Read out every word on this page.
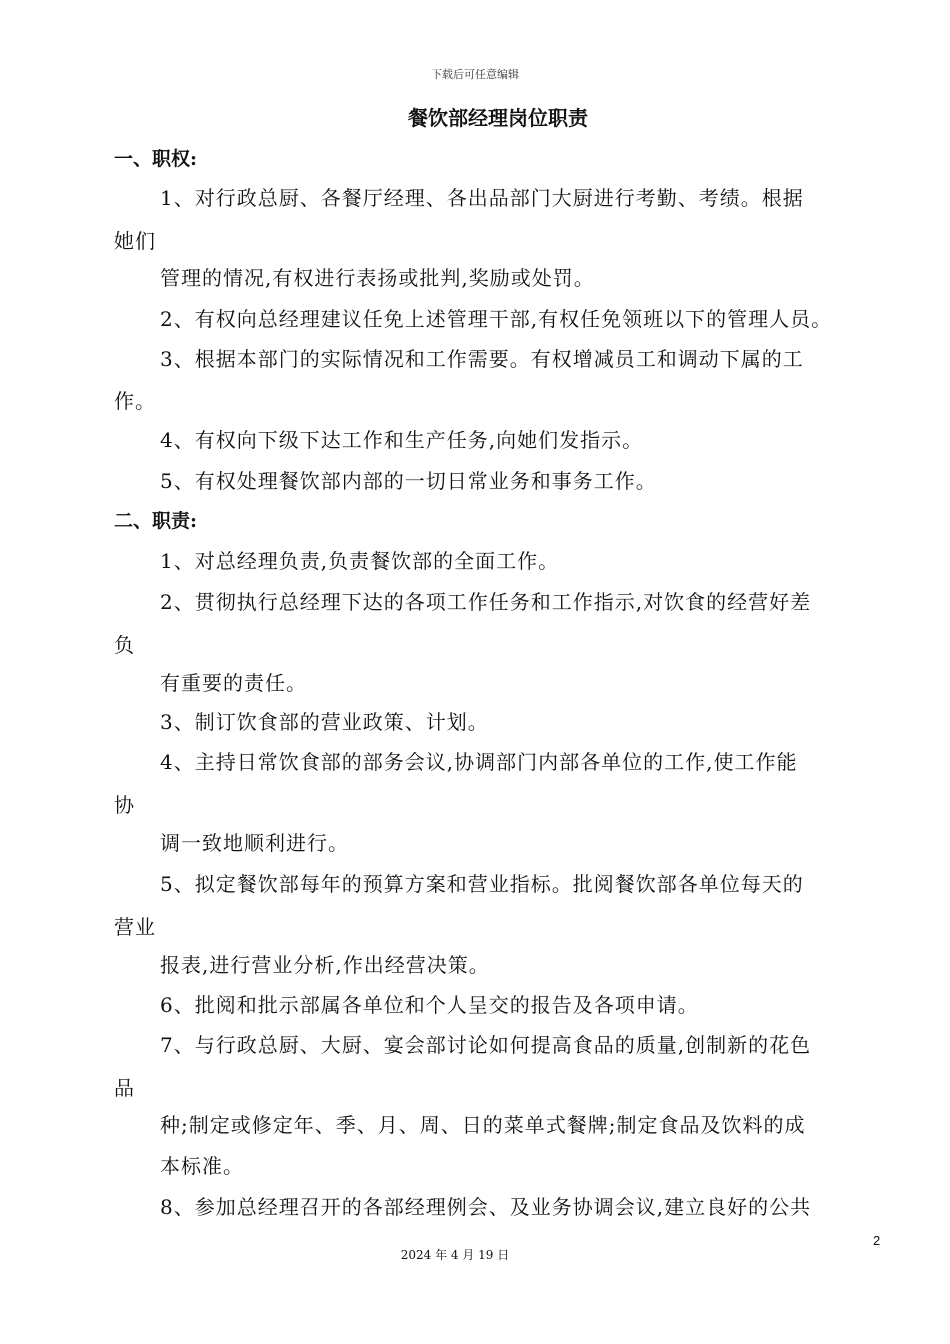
下载后可任意编辑
餐饮部经理岗位职责
一、职权:
1、对行政总厨、各餐厅经理、各出品部门大厨进行考勤、考绩。根据
她们
管理的情况,有权进行表扬或批判,奖励或处罚。
2、有权向总经理建议任免上述管理干部,有权任免领班以下的管理人员。
3、根据本部门的实际情况和工作需要。有权增减员工和调动下属的工
作。
4、有权向下级下达工作和生产任务,向她们发指示。
5、有权处理餐饮部内部的一切日常业务和事务工作。
二、职责:
1、对总经理负责,负责餐饮部的全面工作。
2、贯彻执行总经理下达的各项工作任务和工作指示,对饮食的经营好差
负
有重要的责任。
3、制订饮食部的营业政策、计划。
4、主持日常饮食部的部务会议,协调部门内部各单位的工作,使工作能
协
调一致地顺利进行。
5、拟定餐饮部每年的预算方案和营业指标。批阅餐饮部各单位每天的
营业
报表,进行营业分析,作出经营决策。
6、批阅和批示部属各单位和个人呈交的报告及各项申请。
7、与行政总厨、大厨、宴会部讨论如何提高食品的质量,创制新的花色
品
种;制定或修定年、季、月、周、日的菜单式餐牌;制定食品及饮料的成
本标准。
8、参加总经理召开的各部经理例会、及业务协调会议,建立良好的公共
2
2024 年 4 月 19 日
